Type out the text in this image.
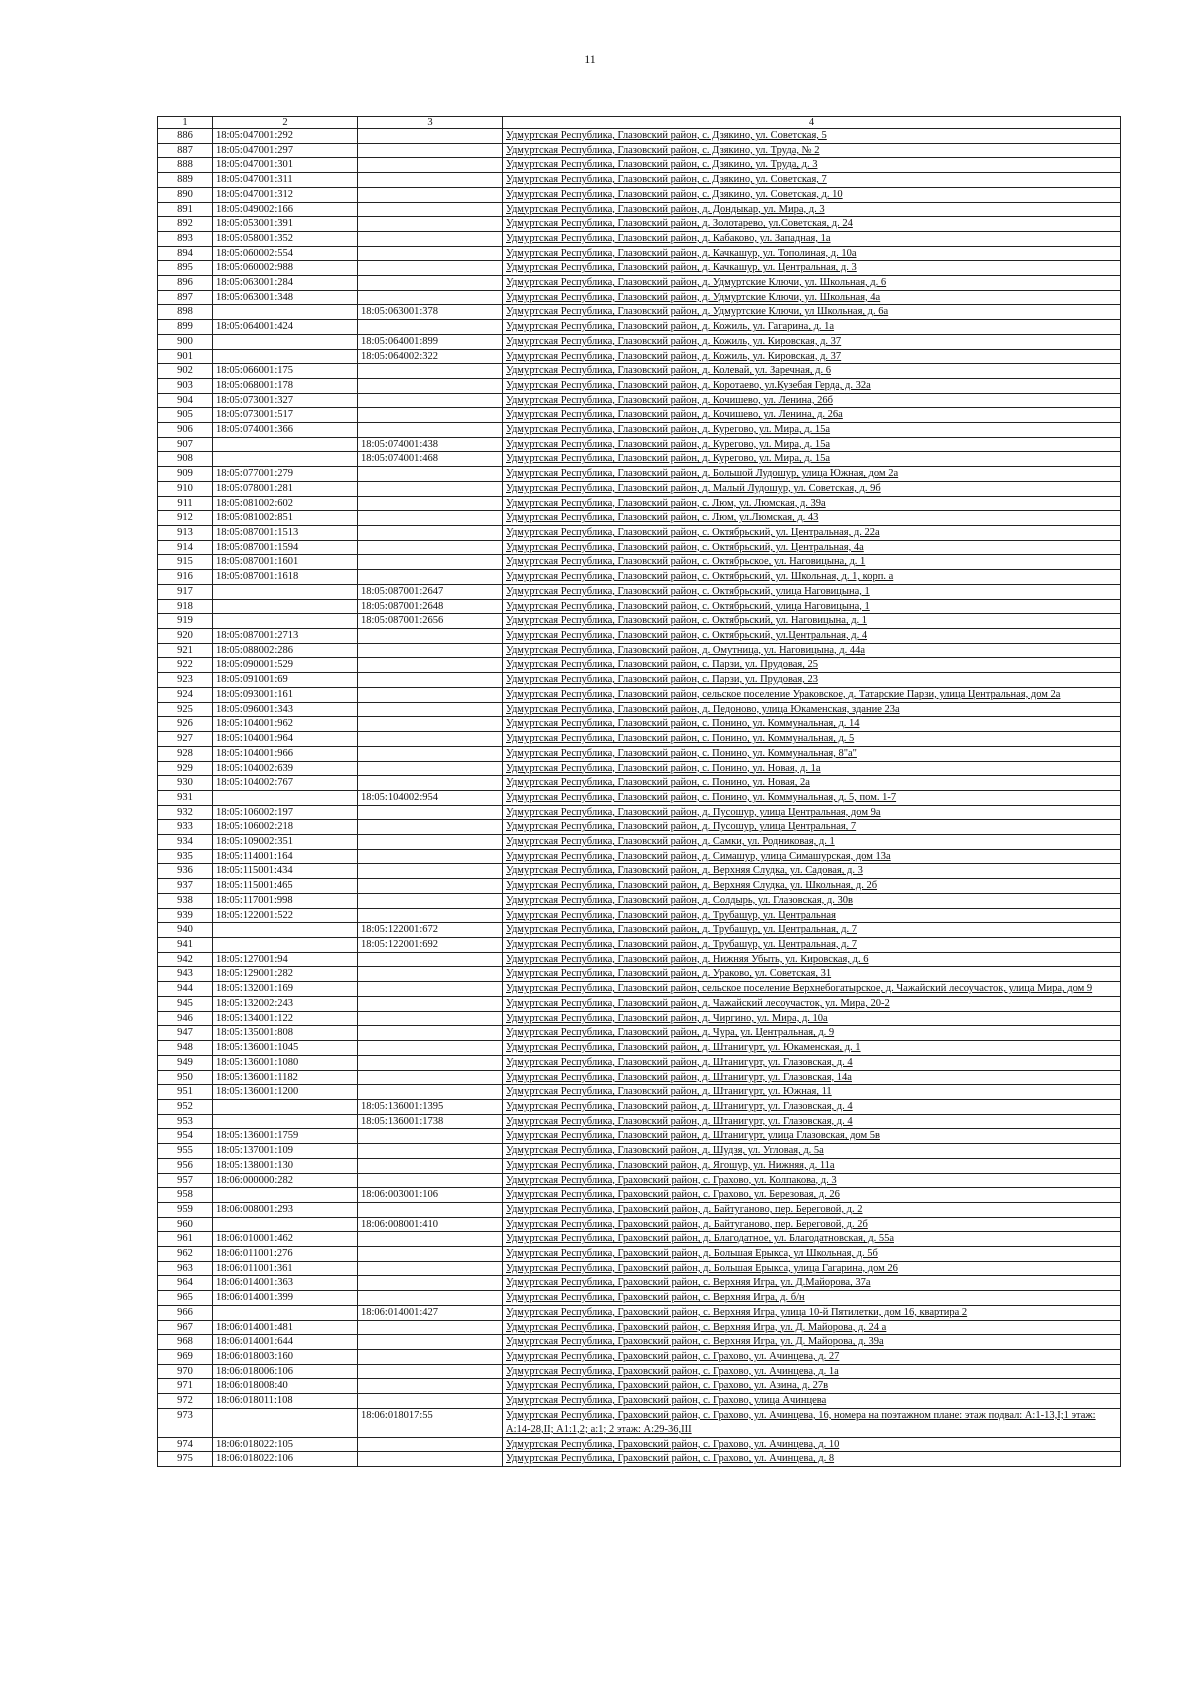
11
1	2	3	4
886	18:05:047001:292		Удмуртская Республика, Глазовский район, с. Дзякино, ул. Советская, 5
887	18:05:047001:297		Удмуртская Республика, Глазовский район, с. Дзякино, ул. Труда, № 2
888	18:05:047001:301		Удмуртская Республика, Глазовский район, с. Дзякино, ул. Труда, д. 3
889	18:05:047001:311		Удмуртская Республика, Глазовский район, с. Дзякино, ул. Советская, 7
890	18:05:047001:312		Удмуртская Республика, Глазовский район, с. Дзякино, ул. Советская, д. 10
891	18:05:049002:166		Удмуртская Республика, Глазовский район, д. Дондыкар, ул. Мира, д. 3
892	18:05:053001:391		Удмуртская Республика, Глазовский район, д. Золотарево, ул.Советская, д. 24
893	18:05:058001:352		Удмуртская Республика, Глазовский район, д. Кабаково, ул. Западная, 1а
894	18:05:060002:554		Удмуртская Республика, Глазовский район, д. Качкашур, ул. Тополиная, д. 10а
895	18:05:060002:988		Удмуртская Республика, Глазовский район, д. Качкашур, ул. Центральная, д. 3
896	18:05:063001:284		Удмуртская Республика, Глазовский район, д. Удмуртские Ключи, ул. Школьная, д. 6
897	18:05:063001:348		Удмуртская Республика, Глазовский район, д. Удмуртские Ключи, ул. Школьная, 4а
898		18:05:063001:378	Удмуртская Республика, Глазовский район, д. Удмуртские Ключи, ул Школьная, д. 6а
899	18:05:064001:424		Удмуртская Республика, Глазовский район, д. Кожиль, ул. Гагарина, д. 1а
900		18:05:064001:899	Удмуртская Республика, Глазовский район, д. Кожиль, ул. Кировская, д. 37
901		18:05:064002:322	Удмуртская Республика, Глазовский район, д. Кожиль, ул. Кировская, д. 37
902	18:05:066001:175		Удмуртская Республика, Глазовский район, д. Колевай, ул. Заречная, д. 6
903	18:05:068001:178		Удмуртская Республика, Глазовский район, д. Коротаево, ул.Кузебая Герда, д. 32а
904	18:05:073001:327		Удмуртская Республика, Глазовский район, д. Кочишево, ул. Ленина, 26б
905	18:05:073001:517		Удмуртская Республика, Глазовский район, д. Кочишево, ул. Ленина, д. 26а
906	18:05:074001:366		Удмуртская Республика, Глазовский район, д. Курегово, ул. Мира, д. 15а
907		18:05:074001:438	Удмуртская Республика, Глазовский район, д. Курегово, ул. Мира, д. 15а
908		18:05:074001:468	Удмуртская Республика, Глазовский район, д. Курегово, ул. Мира, д. 15а
909	18:05:077001:279		Удмуртская Республика, Глазовский район, д. Большой Лудошур, улица Южная, дом 2а
910	18:05:078001:281		Удмуртская Республика, Глазовский район, д. Малый Лудошур, ул. Советская, д. 9б
911	18:05:081002:602		Удмуртская Республика, Глазовский район, с. Люм, ул. Люмская, д. 39а
912	18:05:081002:851		Удмуртская Республика, Глазовский район, с. Люм, ул.Люмская, д. 43
913	18:05:087001:1513		Удмуртская Республика, Глазовский район, с. Октябрьский, ул. Центральная, д. 22а
914	18:05:087001:1594		Удмуртская Республика, Глазовский район, с. Октябрьский, ул. Центральная, 4а
915	18:05:087001:1601		Удмуртская Республика, Глазовский район, с. Октябрьское, ул. Наговицына, д. 1
916	18:05:087001:1618		Удмуртская Республика, Глазовский район, с. Октябрьский, ул. Школьная, д. 1, корп. а
917		18:05:087001:2647	Удмуртская Республика, Глазовский район, с. Октябрьский, улица Наговицына, 1
918		18:05:087001:2648	Удмуртская Республика, Глазовский район, с. Октябрьский, улица Наговицына, 1
919		18:05:087001:2656	Удмуртская Республика, Глазовский район, с. Октябрьский, ул. Наговицына, д. 1
920	18:05:087001:2713		Удмуртская Республика, Глазовский район, с. Октябрьский, ул.Центральная, д. 4
921	18:05:088002:286		Удмуртская Республика, Глазовский район, д. Омутница, ул. Наговицына, д. 44а
922	18:05:090001:529		Удмуртская Республика, Глазовский район, с. Парзи, ул. Прудовая, 25
923	18:05:091001:69		Удмуртская Республика, Глазовский район, с. Парзи, ул. Прудовая, 23
924	18:05:093001:161		Удмуртская Республика, Глазовский район, сельское поселение Ураковское, д. Татарские Парзи, улица Центральная, дом 2а
925	18:05:096001:343		Удмуртская Республика, Глазовский район, д. Педоново, улица Юкаменская, здание 23а
926	18:05:104001:962		Удмуртская Республика, Глазовский район, с. Понино, ул. Коммунальная, д. 14
927	18:05:104001:964		Удмуртская Республика, Глазовский район, с. Понино, ул. Коммунальная, д. 5
928	18:05:104001:966		Удмуртская Республика, Глазовский район, с. Понино, ул. Коммунальная, 8"а"
929	18:05:104002:639		Удмуртская Республика, Глазовский район, с. Понино, ул. Новая, д. 1а
930	18:05:104002:767		Удмуртская Республика, Глазовский район, с. Понино, ул. Новая, 2а
931		18:05:104002:954	Удмуртская Республика, Глазовский район, с. Понино, ул. Коммунальная, д. 5, пом. 1-7
932	18:05:106002:197		Удмуртская Республика, Глазовский район, д. Пусошур, улица Центральная, дом 9а
933	18:05:106002:218		Удмуртская Республика, Глазовский район, д. Пусошур, улица Центральная, 7
934	18:05:109002:351		Удмуртская Республика, Глазовский район, д. Самки, ул. Родниковая, д. 1
935	18:05:114001:164		Удмуртская Республика, Глазовский район, д. Симашур, улица Симашурская, дом 13а
936	18:05:115001:434		Удмуртская Республика, Глазовский район, д. Верхняя Слудка, ул. Садовая, д. 3
937	18:05:115001:465		Удмуртская Республика, Глазовский район, д. Верхняя Слудка, ул. Школьная, д. 2б
938	18:05:117001:998		Удмуртская Республика, Глазовский район, д. Солдырь, ул. Глазовская, д. 30в
939	18:05:122001:522		Удмуртская Республика, Глазовский район, д. Трубашур, ул. Центральная
940		18:05:122001:672	Удмуртская Республика, Глазовский район, д. Трубашур, ул. Центральная, д. 7
941		18:05:122001:692	Удмуртская Республика, Глазовский район, д. Трубашур, ул. Центральная, д. 7
942	18:05:127001:94		Удмуртская Республика, Глазовский район, д. Нижняя Убыть, ул. Кировская, д. 6
943	18:05:129001:282		Удмуртская Республика, Глазовский район, д. Ураково, ул. Советская, 31
944	18:05:132001:169		Удмуртская Республика, Глазовский район, сельское поселение Верхнебогатырское, д. Чажайский лесоучасток, улица Мира, дом 9
945	18:05:132002:243		Удмуртская Республика, Глазовский район, д. Чажайский лесоучасток, ул. Мира, 20-2
946	18:05:134001:122		Удмуртская Республика, Глазовский район, д. Чиргино, ул. Мира, д. 10а
947	18:05:135001:808		Удмуртская Республика, Глазовский район, д. Чура, ул. Центральная, д. 9
948	18:05:136001:1045		Удмуртская Республика, Глазовский район, д. Штанигурт, ул. Юкаменская, д. 1
949	18:05:136001:1080		Удмуртская Республика, Глазовский район, д. Штанигурт, ул. Глазовская, д. 4
950	18:05:136001:1182		Удмуртская Республика, Глазовский район, д. Штанигурт, ул. Глазовская, 14а
951	18:05:136001:1200		Удмуртская Республика, Глазовский район, д. Штанигурт, ул. Южная, 11
952		18:05:136001:1395	Удмуртская Республика, Глазовский район, д. Штанигурт, ул. Глазовская, д. 4
953		18:05:136001:1738	Удмуртская Республика, Глазовский район, д. Штанигурт, ул. Глазовская, д. 4
954	18:05:136001:1759		Удмуртская Республика, Глазовский район, д. Штанигурт, улица Глазовская, дом 5в
955	18:05:137001:109		Удмуртская Республика, Глазовский район, д. Шудзя, ул. Угловая, д. 5а
956	18:05:138001:130		Удмуртская Республика, Глазовский район, д. Ягошур, ул. Нижняя, д. 11а
957	18:06:000000:282		Удмуртская Республика, Граховский район, с. Грахово, ул. Колпакова, д. 3
958		18:06:003001:106	Удмуртская Республика, Граховский район, с. Грахово, ул. Березовая, д. 26
959	18:06:008001:293		Удмуртская Республика, Граховский район, д. Байтуганово, пер. Береговой, д. 2
960		18:06:008001:410	Удмуртская Республика, Граховский район, д. Байтуганово, пер. Береговой, д. 2б
961	18:06:010001:462		Удмуртская Республика, Граховский район, д. Благодатное, ул. Благодатновская, д. 55а
962	18:06:011001:276		Удмуртская Республика, Граховский район, д. Большая Ерыкса, ул Школьная, д. 5б
963	18:06:011001:361		Удмуртская Республика, Граховский район, д. Большая Ерыкса, улица Гагарина, дом 26
964	18:06:014001:363		Удмуртская Республика, Граховский район, с. Верхняя Игра, ул. Д.Майорова, 37а
965	18:06:014001:399		Удмуртская Республика, Граховский район, с. Верхняя Игра, д. б/н
966		18:06:014001:427	Удмуртская Республика, Граховский район, с. Верхняя Игра, улица 10-й Пятилетки, дом 16, квартира 2
967	18:06:014001:481		Удмуртская Республика, Граховский район, с. Верхняя Игра, ул. Д. Майорова, д. 24 а
968	18:06:014001:644		Удмуртская Республика, Граховский район, с. Верхняя Игра, ул. Д. Майорова, д. 39а
969	18:06:018003:160		Удмуртская Республика, Граховский район, с. Грахово, ул. Ачинцева, д. 27
970	18:06:018006:106		Удмуртская Республика, Граховский район, с. Грахово, ул. Ачинцева, д. 1а
971	18:06:018008:40		Удмуртская Республика, Граховский район, с. Грахово, ул. Азина, д. 27в
972	18:06:018011:108		Удмуртская Республика, Граховский район, с. Грахово, улица Ачинцева
973		18:06:018017:55	Удмуртская Республика, Граховский район, с. Грахово, ул. Ачинцева, 16, номера на поэтажном плане: этаж подвал: А:1-13,I;1 этаж: А:14-28,II; А1:1,2; а:1; 2 этаж: А:29-36,III
974	18:06:018022:105		Удмуртская Республика, Граховский район, с. Грахово, ул. Ачинцева, д. 10
975	18:06:018022:106		Удмуртская Республика, Граховский район, с. Грахово, ул. Ачинцева, д. 8
